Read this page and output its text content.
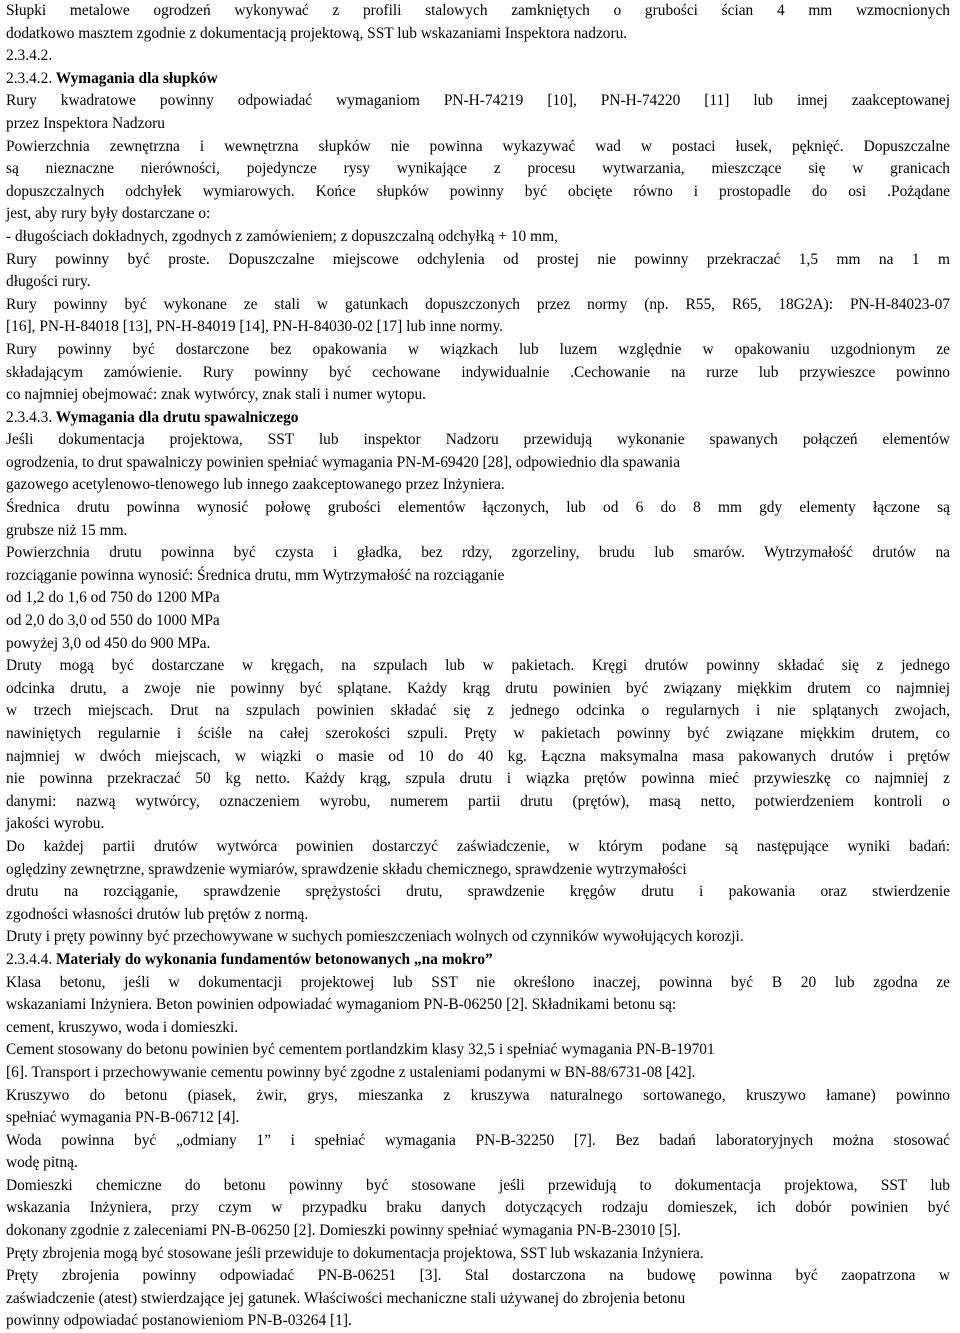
Słupki metalowe ogrodzeń wykonywać z profili stalowych zamkniętych o grubości ścian 4 mm wzmocnionych

dodatkowo masztem zgodnie z dokumentacją projektową, SST lub wskazaniami Inspektora nadzoru.

2.3.4.2.

2.3.4.2. Wymagania dla słupków

Rury kwadratowe powinny odpowiadać wymaganiom PN-H-74219 [10], PN-H-74220 [11] lub innej zaakceptowanej

przez Inspektora Nadzoru

Powierzchnia zewnętrzna i wewnętrzna słupków nie powinna wykazywać wad w postaci łusek, pęknięć. Dopuszczalne

są nieznaczne nierówności, pojedyncze rysy wynikające z procesu wytwarzania, mieszczące się w granicach

dopuszczalnych odchyłek wymiarowych. Końce słupków powinny być obcięte równo i prostopadle do osi .Pożądane

jest, aby rury były dostarczane o:

- długościach dokładnych, zgodnych z zamówieniem; z dopuszczalną odchyłką + 10 mm,

Rury powinny być proste. Dopuszczalne miejscowe odchylenia od prostej nie powinny przekraczać 1,5 mm na 1 m

długości rury.

Rury powinny być wykonane ze stali w gatunkach dopuszczonych przez normy (np. R55, R65, 18G2A): PN-H-84023-07

[16], PN-H-84018 [13], PN-H-84019 [14], PN-H-84030-02 [17] lub inne normy.

Rury powinny być dostarczone bez opakowania w wiązkach lub luzem względnie w opakowaniu uzgodnionym ze

składającym zamówienie. Rury powinny być cechowane indywidualnie .Cechowanie na rurze lub przywieszce powinno

co najmniej obejmować: znak wytwórcy, znak stali i numer wytopu.

2.3.4.3. Wymagania dla drutu spawalniczego

Jeśli dokumentacja projektowa, SST lub inspektor Nadzoru przewidują wykonanie spawanych połączeń elementów

ogrodzenia, to drut spawalniczy powinien spełniać wymagania PN-M-69420 [28], odpowiednio dla spawania

gazowego acetylenowo-tlenowego lub innego zaakceptowanego przez Inżyniera.

Średnica drutu powinna wynosić połowę grubości elementów łączonych, lub od 6 do 8 mm gdy elementy łączone są

grubsze niż 15 mm.

Powierzchnia drutu powinna być czysta i gładka, bez rdzy, zgorzeliny, brudu lub smarów. Wytrzymałość drutów na

rozciąganie powinna wynosić: Średnica drutu, mm Wytrzymałość na rozciąganie

od 1,2 do 1,6 od 750 do 1200 MPa

od 2,0 do 3,0 od 550 do 1000 MPa

powyżej 3,0 od 450 do 900 MPa.

Druty mogą być dostarczane w kręgach, na szpulach lub w pakietach. Kręgi drutów powinny składać się z jednego

odcinka drutu, a zwoje nie powinny być splątane. Każdy krąg drutu powinien być związany miękkim drutem co najmniej

w trzech miejscach. Drut na szpulach powinien składać się z jednego odcinka o regularnych i nie splątanych zwojach,

nawiniętych regularnie i ściśle na całej szerokości szpuli. Pręty w pakietach powinny być związane miękkim drutem, co

najmniej w dwóch miejscach, w wiązki o masie od 10 do 40 kg. Łączna maksymalna masa pakowanych drutów i prętów

nie powinna przekraczać 50 kg netto. Każdy krąg, szpula drutu i wiązka prętów powinna mieć przywieszkę co najmniej z

danymi: nazwą wytwórcy, oznaczeniem wyrobu, numerem partii drutu (prętów), masą netto, potwierdzeniem kontroli o

jakości wyrobu.

Do każdej partii drutów wytwórca powinien dostarczyć zaświadczenie, w którym podane są następujące wyniki badań:

oględziny zewnętrzne, sprawdzenie wymiarów, sprawdzenie składu chemicznego, sprawdzenie wytrzymałości

drutu na rozciąganie, sprawdzenie sprężystości drutu, sprawdzenie kręgów drutu i pakowania oraz stwierdzenie

zgodności własności drutów lub prętów z normą.

Druty i pręty powinny być przechowywane w suchych pomieszczeniach wolnych od czynników wywołujących korozji.

2.3.4.4. Materiały do wykonania fundamentów betonowanych „na mokro”

Klasa betonu, jeśli w dokumentacji projektowej lub SST nie określono inaczej, powinna być B 20 lub zgodna ze

wskazaniami Inżyniera. Beton powinien odpowiadać wymaganiom PN-B-06250 [2]. Składnikami betonu są:

cement, kruszywo, woda i domieszki.

Cement stosowany do betonu powinien być cementem portlandzkim klasy 32,5 i spełniać wymagania PN-B-19701

[6]. Transport i przechowywanie cementu powinny być zgodne z ustaleniami podanymi w BN-88/6731-08 [42].

Kruszywo do betonu (piasek, żwir, grys, mieszanka z kruszywa naturalnego sortowanego, kruszywo łamane) powinno

spełniać wymagania PN-B-06712 [4].

Woda powinna być „odmiany 1” i spełniać wymagania PN-B-32250 [7]. Bez badań laboratoryjnych można stosować

wodę pitną.

Domieszki chemiczne do betonu powinny być stosowane jeśli przewidują to dokumentacja projektowa, SST lub

wskazania Inżyniera, przy czym w przypadku braku danych dotyczących rodzaju domieszek, ich dobór powinien być

dokonany zgodnie z zaleceniami PN-B-06250 [2]. Domieszki powinny spełniać wymagania PN-B-23010 [5].

Pręty zbrojenia mogą być stosowane jeśli przewiduje to dokumentacja projektowa, SST lub wskazania Inżyniera.

Pręty zbrojenia powinny odpowiadać PN-B-06251 [3]. Stal dostarczona na budowę powinna być zaopatrzona w

zaświadczenie (atest) stwierdzające jej gatunek. Właściwości mechaniczne stali używanej do zbrojenia betonu

powinny odpowiadać postanowieniom PN-B-03264 [1].
